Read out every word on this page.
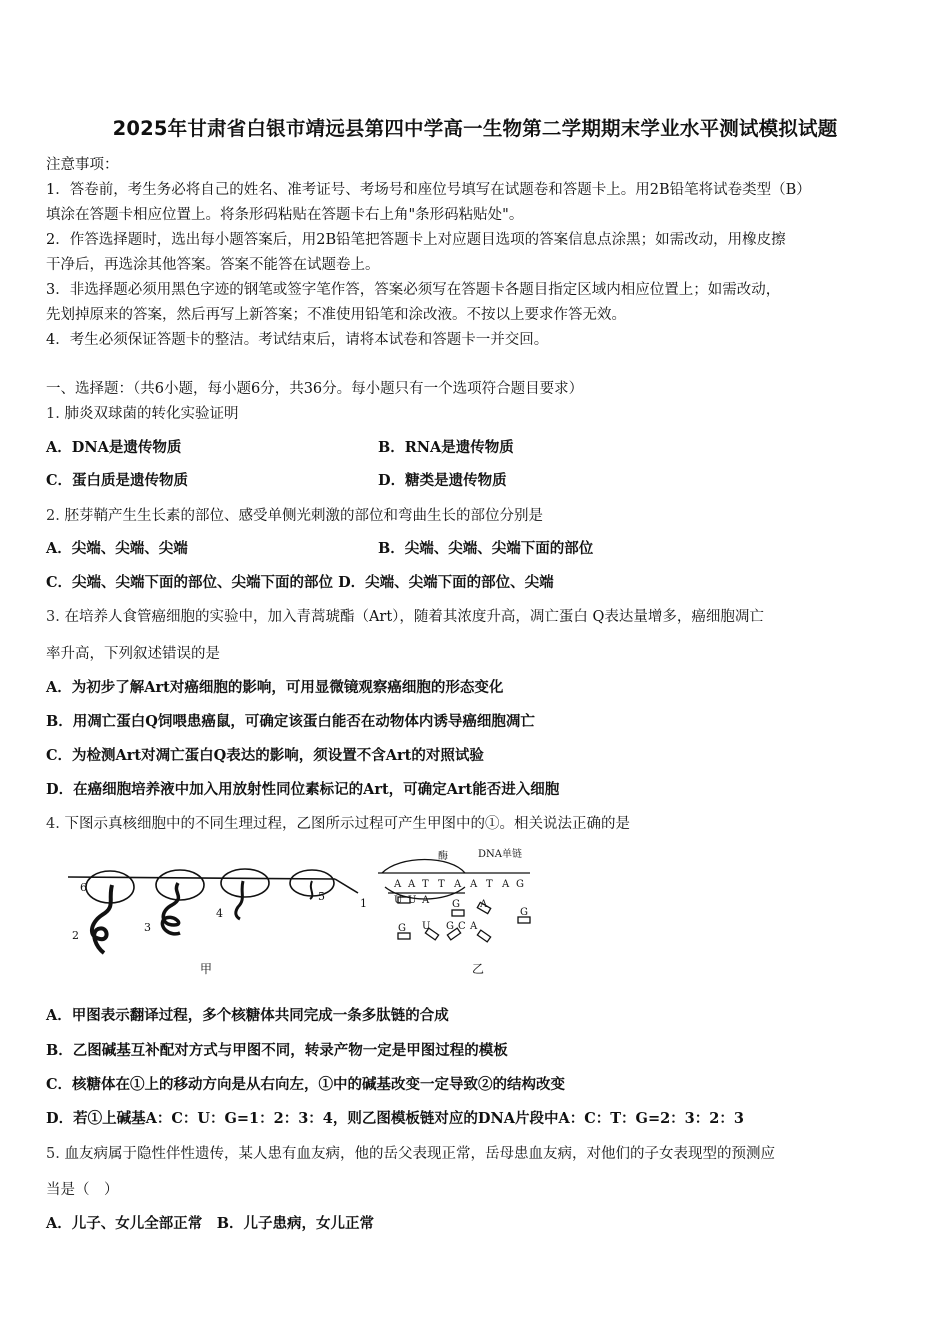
2025年甘肃省白银市靖远县第四中学高一生物第二学期期末学业水平测试模拟试题
注意事项：
1．答卷前，考生务必将自己的姓名、准考证号、考场号和座位号填写在试题卷和答题卡上。用2B铅笔将试卷类型（B）
填涂在答题卡相应位置上。将条形码粘贴在答题卡右上角"条形码粘贴处"。
2．作答选择题时，选出每小题答案后，用2B铅笔把答题卡上对应题目选项的答案信息点涂黑；如需改动，用橡皮擦
干净后，再选涂其他答案。答案不能答在试题卷上。
3．非选择题必须用黑色字迹的钢笔或签字笔作答，答案必须写在答题卡各题目指定区域内相应位置上；如需改动，
先划掉原来的答案，然后再写上新答案；不准使用铅笔和涂改液。不按以上要求作答无效。
4．考生必须保证答题卡的整洁。考试结束后，请将本试卷和答题卡一并交回。
一、选择题：（共6小题，每小题6分，共36分。每小题只有一个选项符合题目要求）
1. 肺炎双球菌的转化实验证明
A．DNA是遗传物质	B．RNA是遗传物质
C．蛋白质是遗传物质	D．糖类是遗传物质
2. 胚芽鞘产生生长素的部位、感受单侧光刺激的部位和弯曲生长的部位分别是
A．尖端、尖端、尖端	B．尖端、尖端、尖端下面的部位
C．尖端、尖端下面的部位、尖端下面的部位 D．尖端、尖端下面的部位、尖端
3. 在培养人食管癌细胞的实验中，加入青蒿琥酯（Art），随着其浓度升高，凋亡蛋白 Q表达量增多，癌细胞凋亡
率升高，下列叙述错误的是
A．为初步了解Art对癌细胞的影响，可用显微镜观察癌细胞的形态变化
B．用凋亡蛋白Q饲喂患癌鼠，可确定该蛋白能否在动物体内诱导癌细胞凋亡
C．为检测Art对凋亡蛋白Q表达的影响，须设置不含Art的对照试验
D．在癌细胞培养液中加入用放射性同位素标记的Art，可确定Art能否进入细胞
4. 下图示真核细胞中的不同生理过程，乙图所示过程可产生甲图中的①。相关说法正确的是
6
2
3
4
5
1
甲
酶	DNA单链
A A T T A A T A G
U U A G A
G
G U G C A
乙
A．甲图表示翻译过程，多个核糖体共同完成一条多肽链的合成
B．乙图碱基互补配对方式与甲图不同，转录产物一定是甲图过程的模板
C．核糖体在①上的移动方向是从右向左，①中的碱基改变一定导致②的结构改变
D．若①上碱基A：C：U：G=1：2：3：4，则乙图模板链对应的DNA片段中A：C：T：G=2：3：2：3
5. 血友病属于隐性伴性遗传，某人患有血友病，他的岳父表现正常，岳母患血友病，对他们的子女表现型的预测应
当是（　）
A．儿子、女儿全部正常　B．儿子患病，女儿正常
